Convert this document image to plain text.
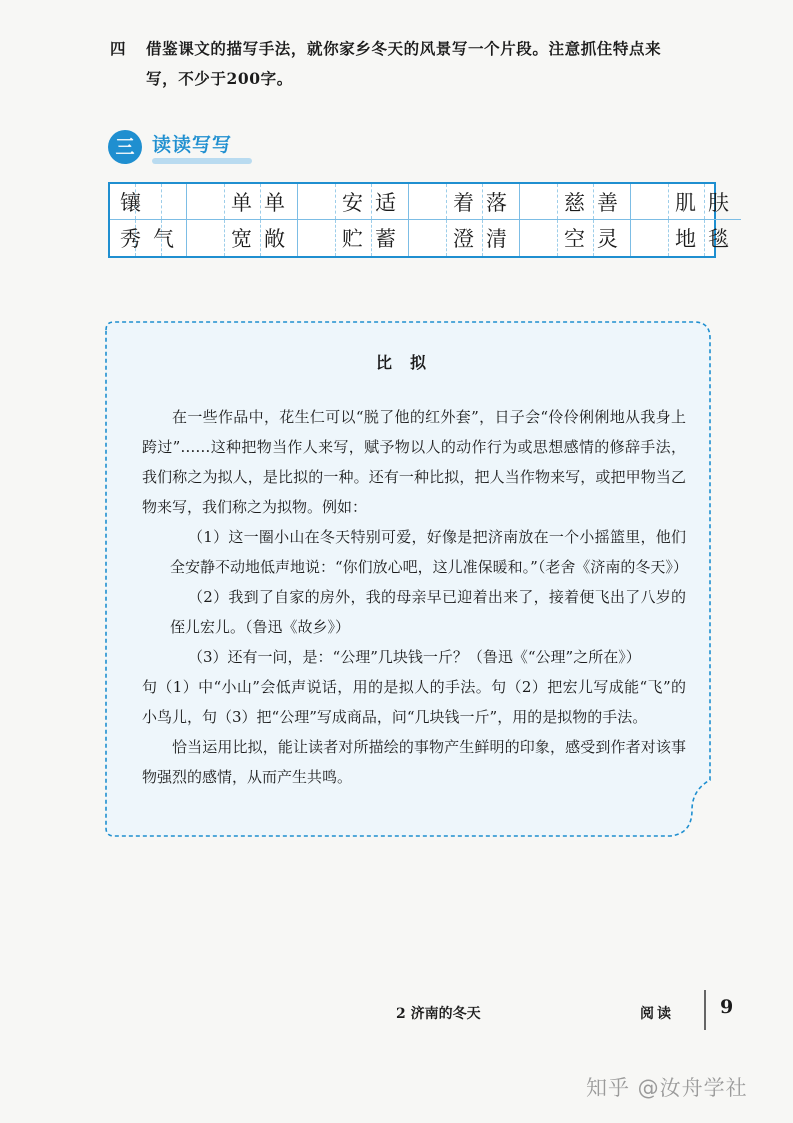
四 借鉴课文的描写手法，就你家乡冬天的风景写一个片段。注意抓住特点来
写，不少于200字。
三 读读写写
镶	单单	安适	着落	慈善	肌肤
秀气	宽敞	贮蓄	澄清	空灵	地毯
比拟

在一些作品中，花生仁可以“脱了他的红外套”，日子会“伶伶俐俐地从我身上跨过”……这种把物当作人来写，赋予物以人的动作行为或思想感情的修辞手法，我们称之为拟人，是比拟的一种。还有一种比拟，把人当作物来写，或把甲物当乙物来写，我们称之为拟物。例如：

（1）这一圈小山在冬天特别可爱，好像是把济南放在一个小摇篮里，他们全安静不动地低声地说：“你们放心吧，这儿准保暖和。”（老舍《济南的冬天》）

（2）我到了自家的房外，我的母亲早已迎着出来了，接着便飞出了八岁的侄儿宏儿。（鲁迅《故乡》）

（3）还有一问，是：“公理”几块钱一斤？（鲁迅《“公理”之所在》）

句（1）中“小山”会低声说话，用的是拟人的手法。句（2）把宏儿写成能“飞”的小鸟儿，句（3）把“公理”写成商品，问“几块钱一斤”，用的是拟物的手法。

恰当运用比拟，能让读者对所描绘的事物产生鲜明的印象，感受到作者对该事物强烈的感情，从而产生共鸣。

2 济南的冬天	阅读 9
知乎 @汝舟学社
